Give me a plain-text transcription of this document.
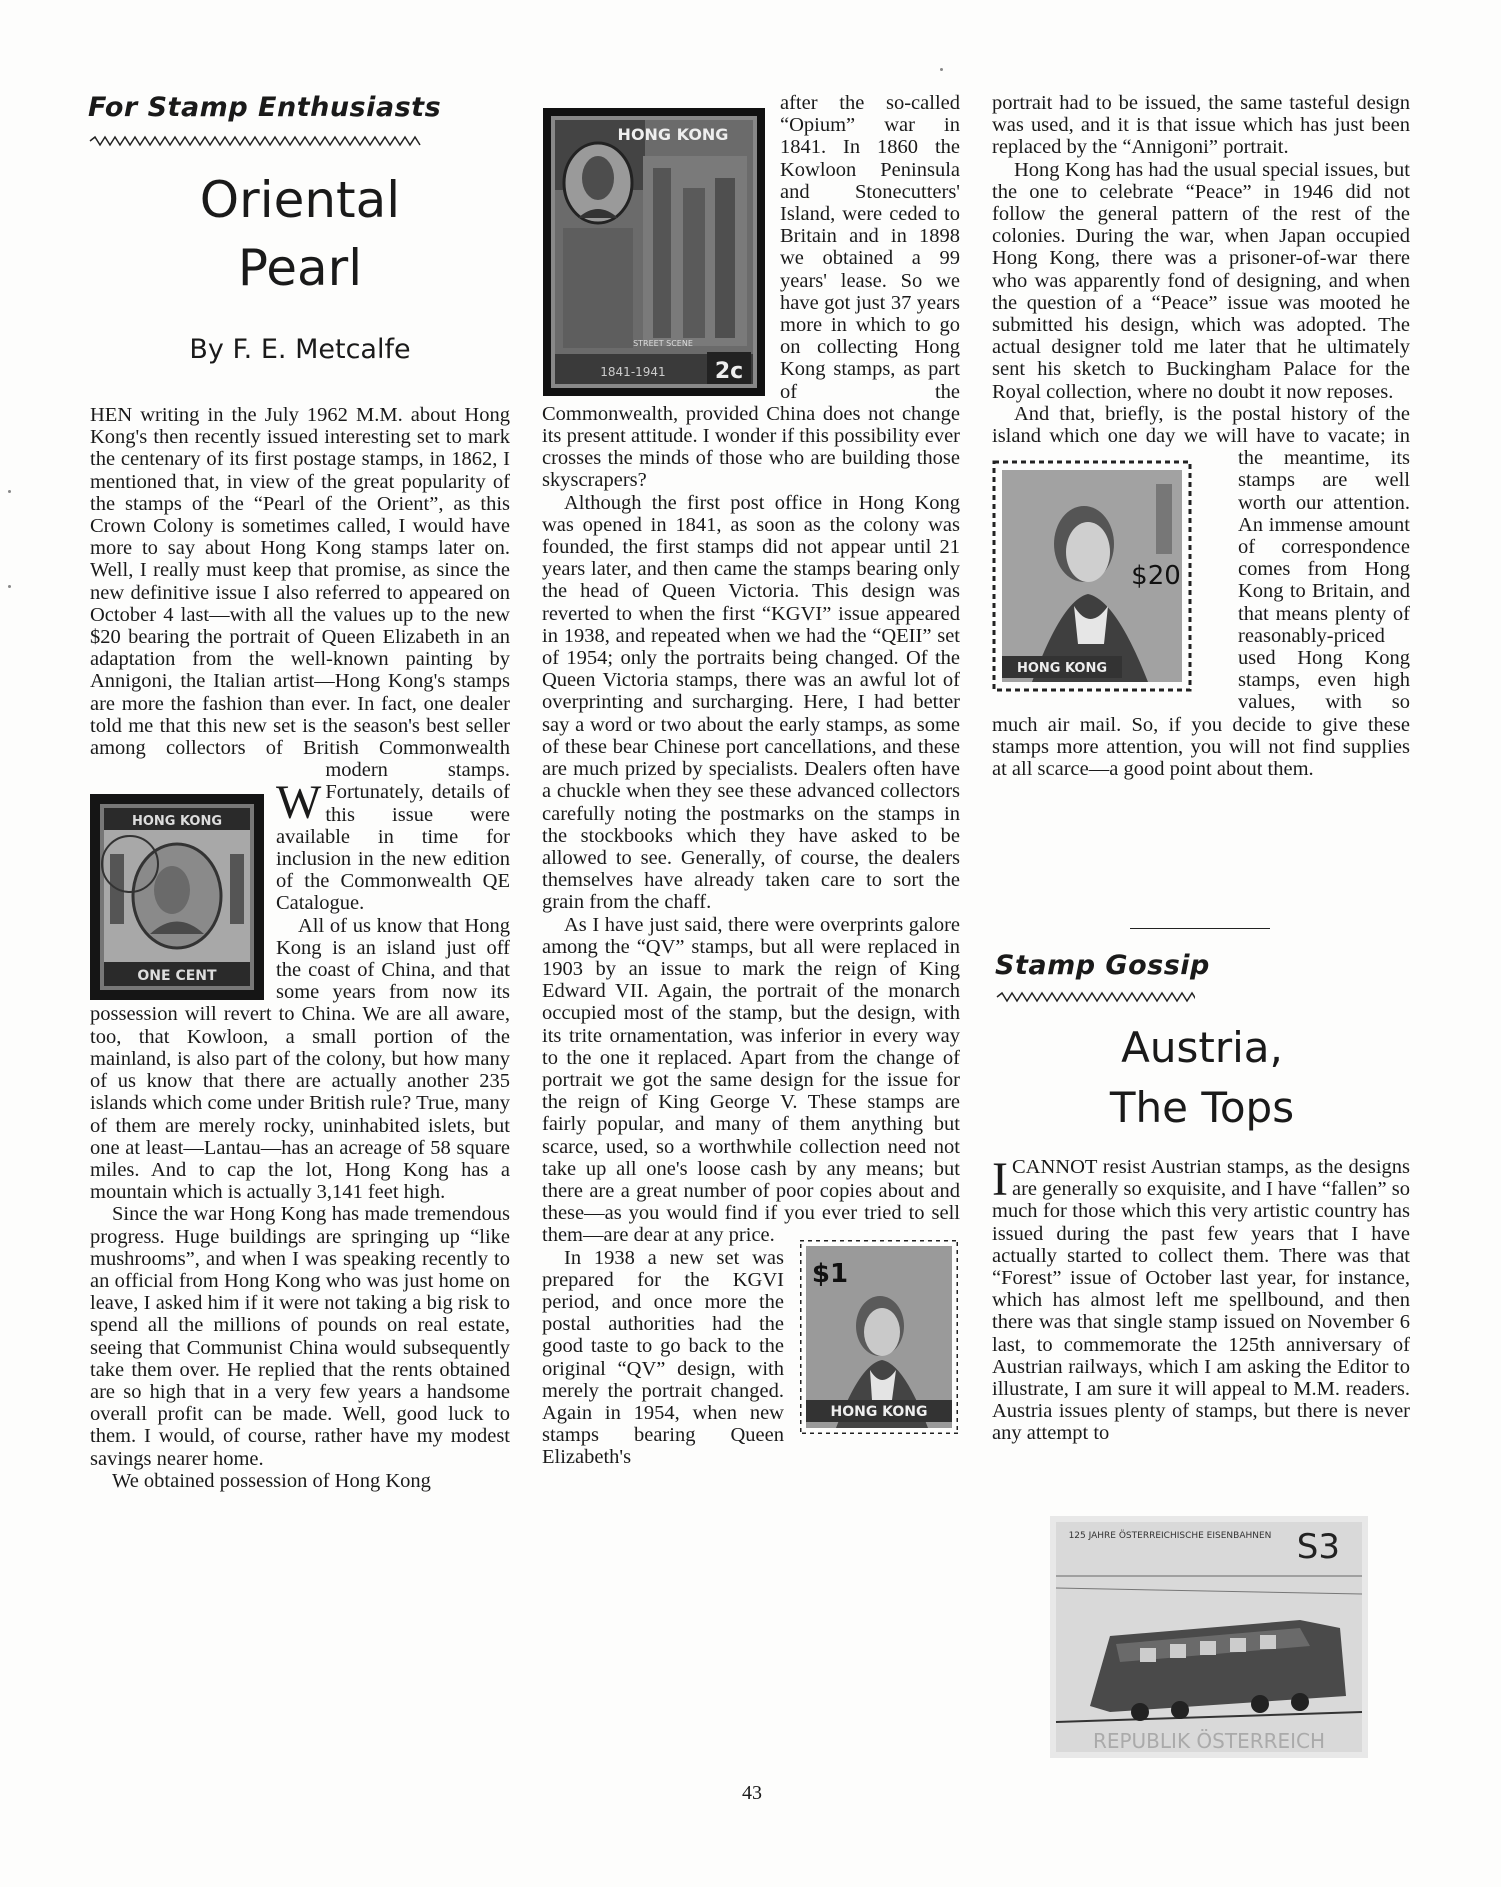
For Stamp Enthusiasts
Oriental
Pearl
By F. E. Metcalfe

W
HEN writing in the July 1962 M.M. about Hong Kong's then recently issued interesting set to mark the centenary of its first postage stamps, in 1862, I mentioned that, in view of the great popularity of the stamps of the “Pearl of the Orient”, as this Crown Colony is sometimes called, I would have more to say about Hong Kong stamps later on. Well, I really must keep that promise, as since the new definitive issue I also referred to appeared on October 4 last—with all the values up to the new $20 bearing the portrait of Queen Elizabeth in an adaptation from the well-known painting by Annigoni, the Italian artist—Hong Kong's stamps are more the fashion than ever. In fact, one dealer told me that this new set is the season's best seller among collectors of British Commonwealth modern stamps. Fortunately, details of this issue were available in time for inclusion in the new edition of the Commonwealth QE Catalogue.

All of us know that Hong Kong is an island just off the coast of China, and that some years from now its possession will revert to China. We are all aware, too, that Kowloon, a small portion of the mainland, is also part of the colony, but how many of us know that there are actually another 235 islands which come under British rule? True, many of them are merely rocky, uninhabited islets, but one at least—Lantau—has an acreage of 58 square miles. And to cap the lot, Hong Kong has a mountain which is actually 3,141 feet high.

Since the war Hong Kong has made tremendous progress. Huge buildings are springing up “like mushrooms”, and when I was speaking recently to an official from Hong Kong who was just home on leave, I asked him if it were not taking a big risk to spend all the millions of pounds on real estate, seeing that Communist China would subsequently take them over. He replied that the rents obtained are so high that in a very few years a handsome overall profit can be made. Well, good luck to them. I would, of course, rather have my modest savings nearer home.

We obtained possession of Hong Kong

HONG KONG
ONE CENT
HONG KONG
STREET SCENE
1841-1941 2c

after the so-called “Opium” war in 1841. In 1860 the Kowloon Peninsula and Stonecutters' Island, were ceded to Britain and in 1898 we obtained a 99 years' lease. So we have got just 37 years more in which to go on collecting Hong Kong stamps, as part of the Commonwealth, provided China does not change its present attitude. I wonder if this possibility ever crosses the minds of those who are building those skyscrapers?

Although the first post office in Hong Kong was opened in 1841, as soon as the colony was founded, the first stamps did not appear until 21 years later, and then came the stamps bearing only the head of Queen Victoria. This design was reverted to when the first “KGVI” issue appeared in 1938, and repeated when we had the “QEII” set of 1954; only the portraits being changed. Of the Queen Victoria stamps, there was an awful lot of overprinting and surcharging. Here, I had better say a word or two about the early stamps, as some of these bear Chinese port cancellations, and these are much prized by specialists. Dealers often have a chuckle when they see these advanced collectors carefully noting the postmarks on the stamps in the stockbooks which they have asked to be allowed to see. Generally, of course, the dealers themselves have already taken care to sort the grain from the chaff.

As I have just said, there were overprints galore among the “QV” stamps, but all were replaced in 1903 by an issue to mark the reign of King Edward VII. Again, the portrait of the monarch occupied most of the stamp, but the design, with its trite ornamentation, was inferior in every way to the one it replaced. Apart from the change of portrait we got the same design for the issue for the reign of King George V. These stamps are fairly popular, and many of them anything but scarce, used, so a worthwhile collection need not take up all one's loose cash by any means; but there are a great number of poor copies about and these—as you would find if you ever tried to sell them—are dear at any price.

In 1938 a new set was prepared for the KGVI period, and once more the postal authorities had the good taste to go back to the original “QV” design, with merely the portrait changed. Again in 1954, when new stamps bearing Queen Elizabeth's

$1
HONG KONG

portrait had to be issued, the same tasteful design was used, and it is that issue which has just been replaced by the “Annigoni” portrait.

Hong Kong has had the usual special issues, but the one to celebrate “Peace” in 1946 did not follow the general pattern of the rest of the colonies. During the war, when Japan occupied Hong Kong, there was a prisoner-of-war there who was apparently fond of designing, and when the question of a “Peace” issue was mooted he submitted his design, which was adopted. The actual designer told me later that he ultimately sent his sketch to Buckingham Palace for the Royal collection, where no doubt it now reposes.

And that, briefly, is the postal history of the island which one day we will have to vacate; in the meantime, its stamps are well worth our attention. An immense amount of correspondence comes from Hong Kong to Britain, and that means plenty of reasonably-priced used Hong Kong stamps, even high values, with so much air mail. So, if you decide to give these stamps more attention, you will not find supplies at all scarce—a good point about them.

$20
HONG KONG
Stamp Gossip
Austria,
The Tops

ICANNOT resist Austrian stamps, as the designs are generally so exquisite, and I have “fallen” so much for those which this very artistic country has issued during the past few years that I have actually started to collect them. There was that “Forest” issue of October last year, for instance, which has almost left me spellbound, and then there was that single stamp issued on November 6 last, to commemorate the 125th anniversary of Austrian railways, which I am asking the Editor to illustrate, I am sure it will appeal to M.M. readers. Austria issues plenty of stamps, but there is never any attempt to

125 JAHRE ÖSTERREICHISCHE EISENBAHNEN S3
REPUBLIK ÖSTERREICH
43
